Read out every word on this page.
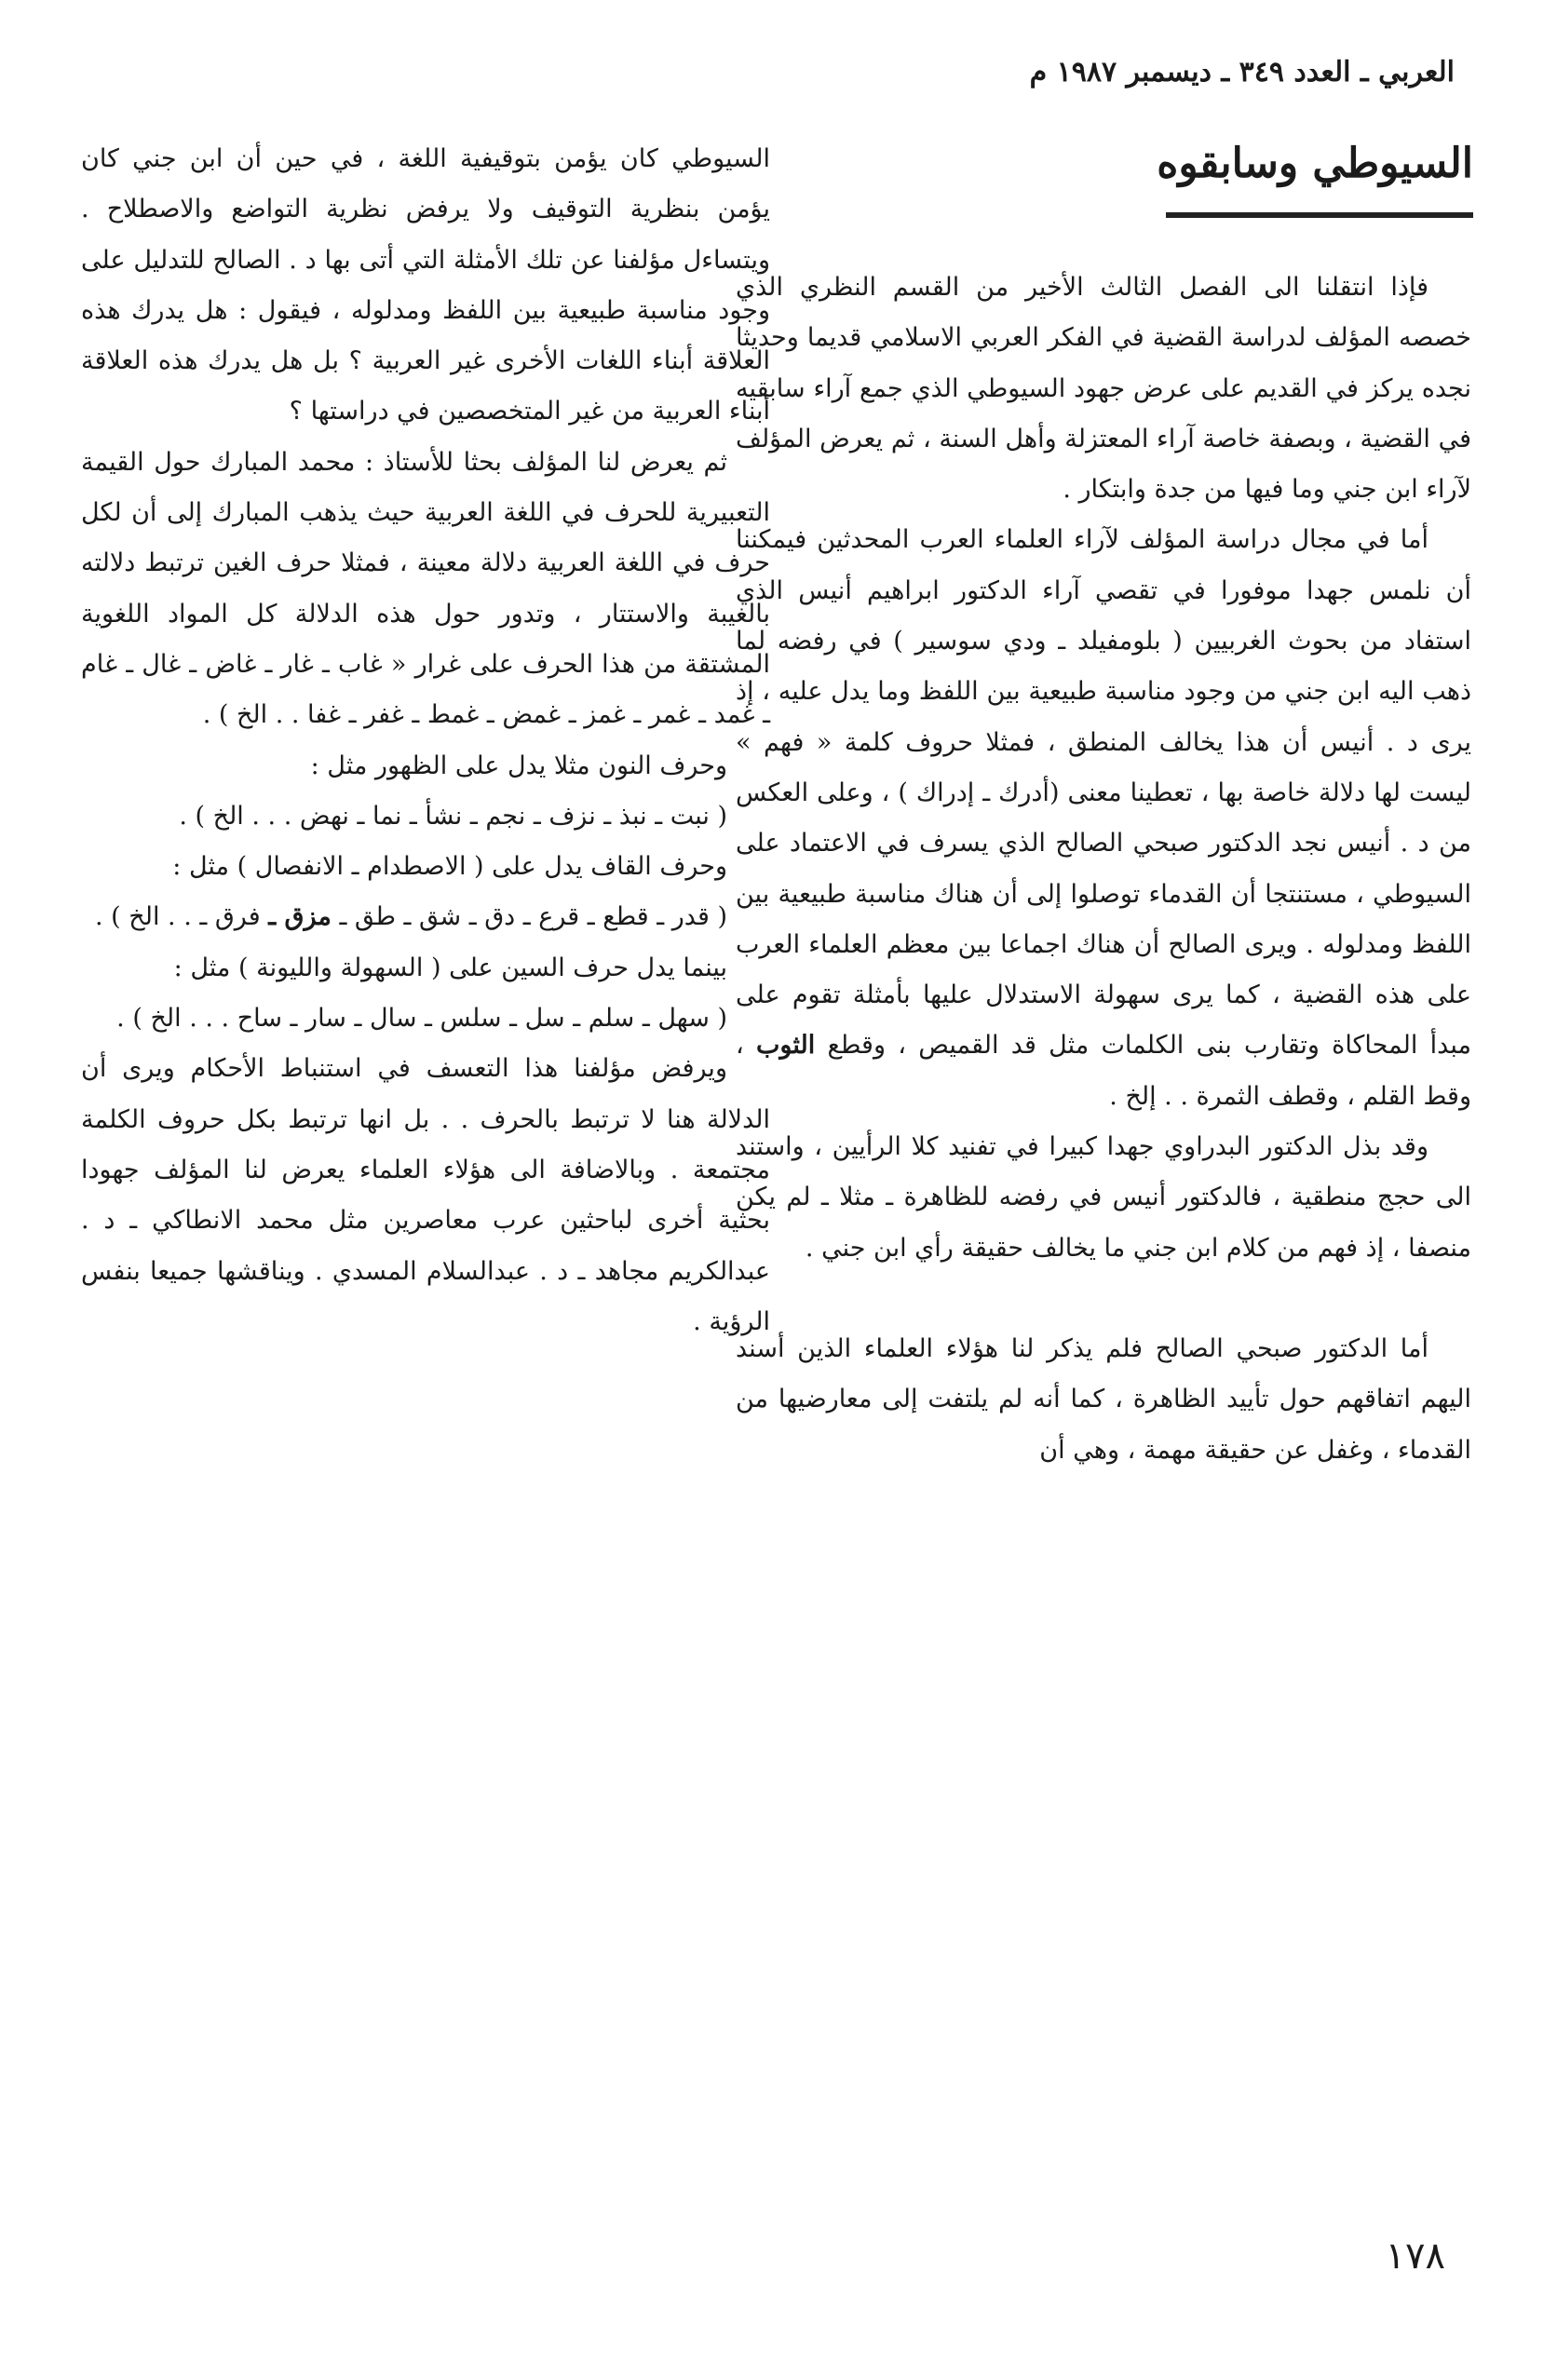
العربي ـ العدد ٣٤٩ ـ ديسمبر ١٩٨٧ م
السيوطي وسابقوه

فإذا انتقلنا الى الفصل الثالث الأخير من القسم النظري الذي خصصه المؤلف لدراسة القضية في الفكر العربي الاسلامي قديما وحديثا نجده يركز في القديم على عرض جهود السيوطي الذي جمع آراء سابقيه في القضية ، وبصفة خاصة آراء المعتزلة وأهل السنة ، ثم يعرض المؤلف لآراء ابن جني وما فيها من جدة وابتكار .

أما في مجال دراسة المؤلف لآراء العلماء العرب المحدثين فيمكننا أن نلمس جهدا موفورا في تقصي آراء الدكتور ابراهيم أنيس الذي استفاد من بحوث الغربيين ( بلومفيلد ـ ودي سوسير ) في رفضه لما ذهب اليه ابن جني من وجود مناسبة طبيعية بين اللفظ وما يدل عليه ، إذ يرى د . أنيس أن هذا يخالف المنطق ، فمثلا حروف كلمة « فهم » ليست لها دلالة خاصة بها ، تعطينا معنى (أدرك ـ إدراك ) ، وعلى العكس من د . أنيس نجد الدكتور صبحي الصالح الذي يسرف في الاعتماد على السيوطي ، مستنتجا أن القدماء توصلوا إلى أن هناك مناسبة طبيعية بين اللفظ ومدلوله . ويرى الصالح أن هناك اجماعا بين معظم العلماء العرب على هذه القضية ، كما يرى سهولة الاستدلال عليها بأمثلة تقوم على مبدأ المحاكاة وتقارب بنى الكلمات مثل قد القميص ، وقطع الثوب ، وقط القلم ، وقطف الثمرة . . إلخ .

وقد بذل الدكتور البدراوي جهدا كبيرا في تفنيد كلا الرأيين ، واستند الى حجج منطقية ، فالدكتور أنيس في رفضه للظاهرة ـ مثلا ـ لم يكن منصفا ، إذ فهم من كلام ابن جني ما يخالف حقيقة رأي ابن جني .

أما الدكتور صبحي الصالح فلم يذكر لنا هؤلاء العلماء الذين أسند اليهم اتفاقهم حول تأييد الظاهرة ، كما أنه لم يلتفت إلى معارضيها من القدماء ، وغفل عن حقيقة مهمة ، وهي أن

السيوطي كان يؤمن بتوقيفية اللغة ، في حين أن ابن جني كان يؤمن بنظرية التوقيف ولا يرفض نظرية التواضع والاصطلاح . ويتساءل مؤلفنا عن تلك الأمثلة التي أتى بها د . الصالح للتدليل على وجود مناسبة طبيعية بين اللفظ ومدلوله ، فيقول : هل يدرك هذه العلاقة أبناء اللغات الأخرى غير العربية ؟ بل هل يدرك هذه العلاقة أبناء العربية من غير المتخصصين في دراستها ؟

ثم يعرض لنا المؤلف بحثا للأستاذ : محمد المبارك حول القيمة التعبيرية للحرف في اللغة العربية حيث يذهب المبارك إلى أن لكل حرف في اللغة العربية دلالة معينة ، فمثلا حرف الغين ترتبط دلالته بالغيبة والاستتار ، وتدور حول هذه الدلالة كل المواد اللغوية المشتقة من هذا الحرف على غرار « غاب ـ غار ـ غاض ـ غال ـ غام ـ غمد ـ غمر ـ غمز ـ غمض ـ غمط ـ غفر ـ غفا . . الخ ) .

وحرف النون مثلا يدل على الظهور مثل :

( نبت ـ نبذ ـ نزف ـ نجم ـ نشأ ـ نما ـ نهض . . . الخ ) .

وحرف القاف يدل على ( الاصطدام ـ الانفصال ) مثل :

( قدر ـ قطع ـ قرع ـ دق ـ شق ـ طق ـ مزق ـ فرق ـ . . الخ ) .

بينما يدل حرف السين على ( السهولة والليونة ) مثل :

( سهل ـ سلم ـ سل ـ سلس ـ سال ـ سار ـ ساح . . . الخ ) .

ويرفض مؤلفنا هذا التعسف في استنباط الأحكام ويرى أن الدلالة هنا لا ترتبط بالحرف . . بل انها ترتبط بكل حروف الكلمة مجتمعة . وبالاضافة الى هؤلاء العلماء يعرض لنا المؤلف جهودا بحثية أخرى لباحثين عرب معاصرين مثل محمد الانطاكي ـ د . عبدالكريم مجاهد ـ د . عبدالسلام المسدي . ويناقشها جميعا بنفس الرؤية .

١٧٨
